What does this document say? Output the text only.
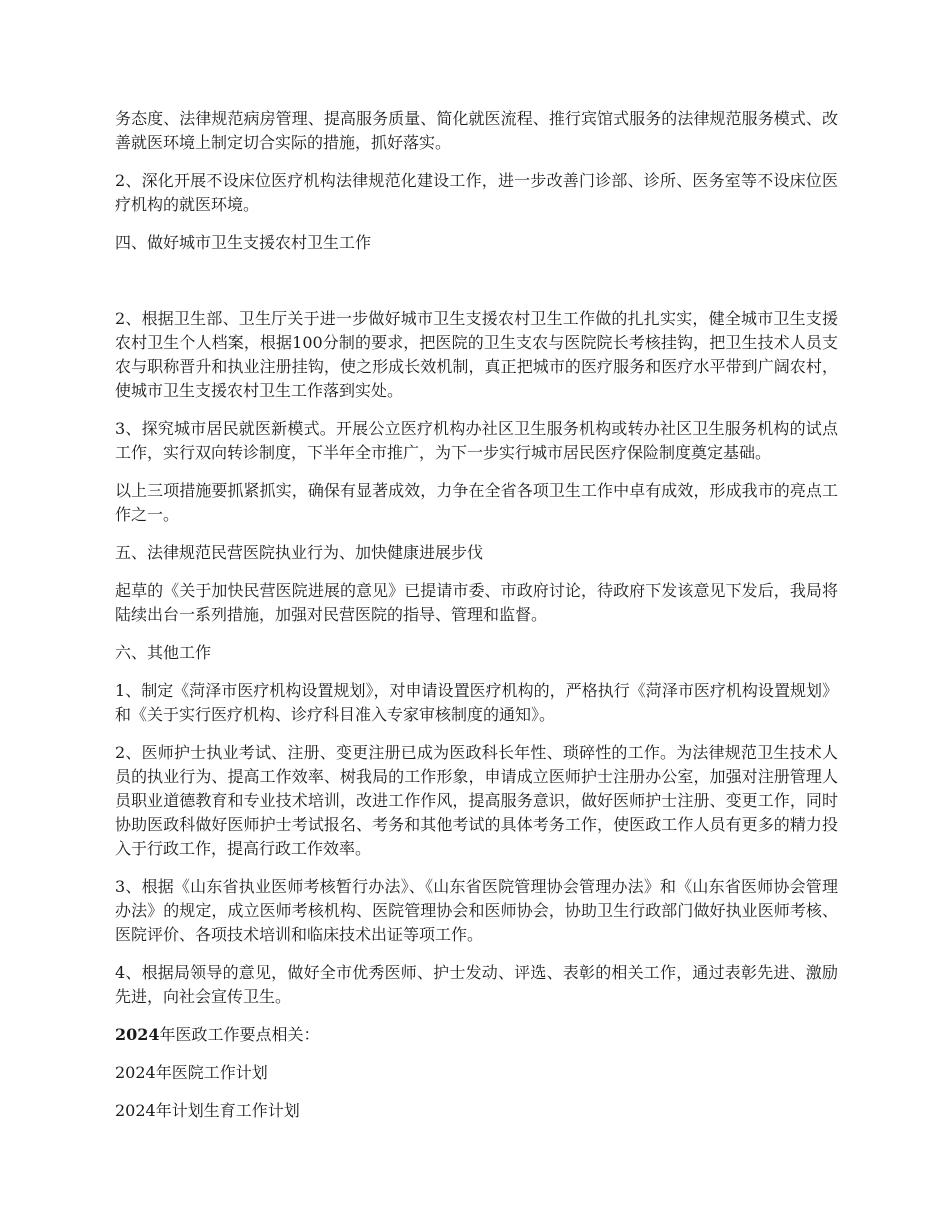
务态度、法律规范病房管理、提高服务质量、简化就医流程、推行宾馆式服务的法律规范服务模式、改善就医环境上制定切合实际的措施，抓好落实。

2、深化开展不设床位医疗机构法律规范化建设工作，进一步改善门诊部、诊所、医务室等不设床位医疗机构的就医环境。

四、做好城市卫生支援农村卫生工作

2、根据卫生部、卫生厅关于进一步做好城市卫生支援农村卫生工作做的扎扎实实，健全城市卫生支援农村卫生个人档案，根据100分制的要求，把医院的卫生支农与医院院长考核挂钩，把卫生技术人员支农与职称晋升和执业注册挂钩，使之形成长效机制，真正把城市的医疗服务和医疗水平带到广阔农村，使城市卫生支援农村卫生工作落到实处。

3、探究城市居民就医新模式。开展公立医疗机构办社区卫生服务机构或转办社区卫生服务机构的试点工作，实行双向转诊制度，下半年全市推广，为下一步实行城市居民医疗保险制度奠定基础。

以上三项措施要抓紧抓实，确保有显著成效，力争在全省各项卫生工作中卓有成效，形成我市的亮点工作之一。

五、法律规范民营医院执业行为、加快健康进展步伐

起草的《关于加快民营医院进展的意见》已提请市委、市政府讨论，待政府下发该意见下发后，我局将陆续出台一系列措施，加强对民营医院的指导、管理和监督。

六、其他工作

1、制定《菏泽市医疗机构设置规划》，对申请设置医疗机构的，严格执行《菏泽市医疗机构设置规划》和《关于实行医疗机构、诊疗科目准入专家审核制度的通知》。

2、医师护士执业考试、注册、变更注册已成为医政科长年性、琐碎性的工作。为法律规范卫生技术人员的执业行为、提高工作效率、树我局的工作形象，申请成立医师护士注册办公室，加强对注册管理人员职业道德教育和专业技术培训，改进工作作风，提高服务意识，做好医师护士注册、变更工作，同时协助医政科做好医师护士考试报名、考务和其他考试的具体考务工作，使医政工作人员有更多的精力投入于行政工作，提高行政工作效率。

3、根据《山东省执业医师考核暂行办法》、《山东省医院管理协会管理办法》和《山东省医师协会管理办法》的规定，成立医师考核机构、医院管理协会和医师协会，协助卫生行政部门做好执业医师考核、医院评价、各项技术培训和临床技术出证等项工作。

4、根据局领导的意见，做好全市优秀医师、护士发动、评选、表彰的相关工作，通过表彰先进、激励先进，向社会宣传卫生。

2024年医政工作要点相关：

2024年医院工作计划

2024年计划生育工作计划
